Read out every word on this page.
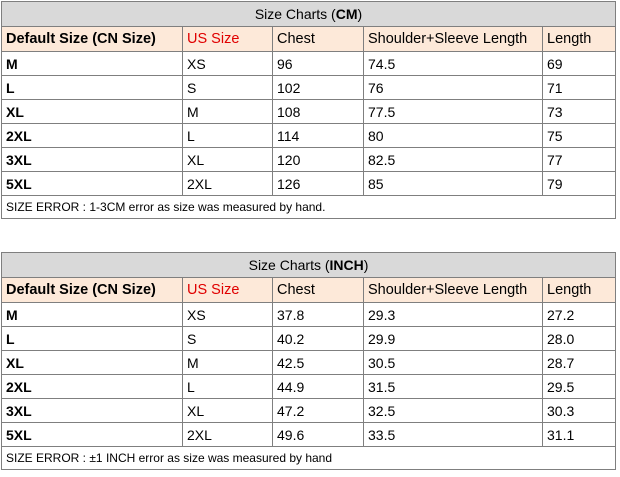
Size Charts (CM)				
Default Size (CN Size)	US Size	Chest	Shoulder+Sleeve Length	Length
M	XS	96	74.5	69
L	S	102	76	71
XL	M	108	77.5	73
2XL	L	114	80	75
3XL	XL	120	82.5	77
5XL	2XL	126	85	79
SIZE ERROR : 1-3CM error as size was measured by hand.				
Size Charts (INCH)				
Default Size (CN Size)	US Size	Chest	Shoulder+Sleeve Length	Length
M	XS	37.8	29.3	27.2
L	S	40.2	29.9	28.0
XL	M	42.5	30.5	28.7
2XL	L	44.9	31.5	29.5
3XL	XL	47.2	32.5	30.3
5XL	2XL	49.6	33.5	31.1
SIZE ERROR : ±1 INCH error as size was measured by hand				
